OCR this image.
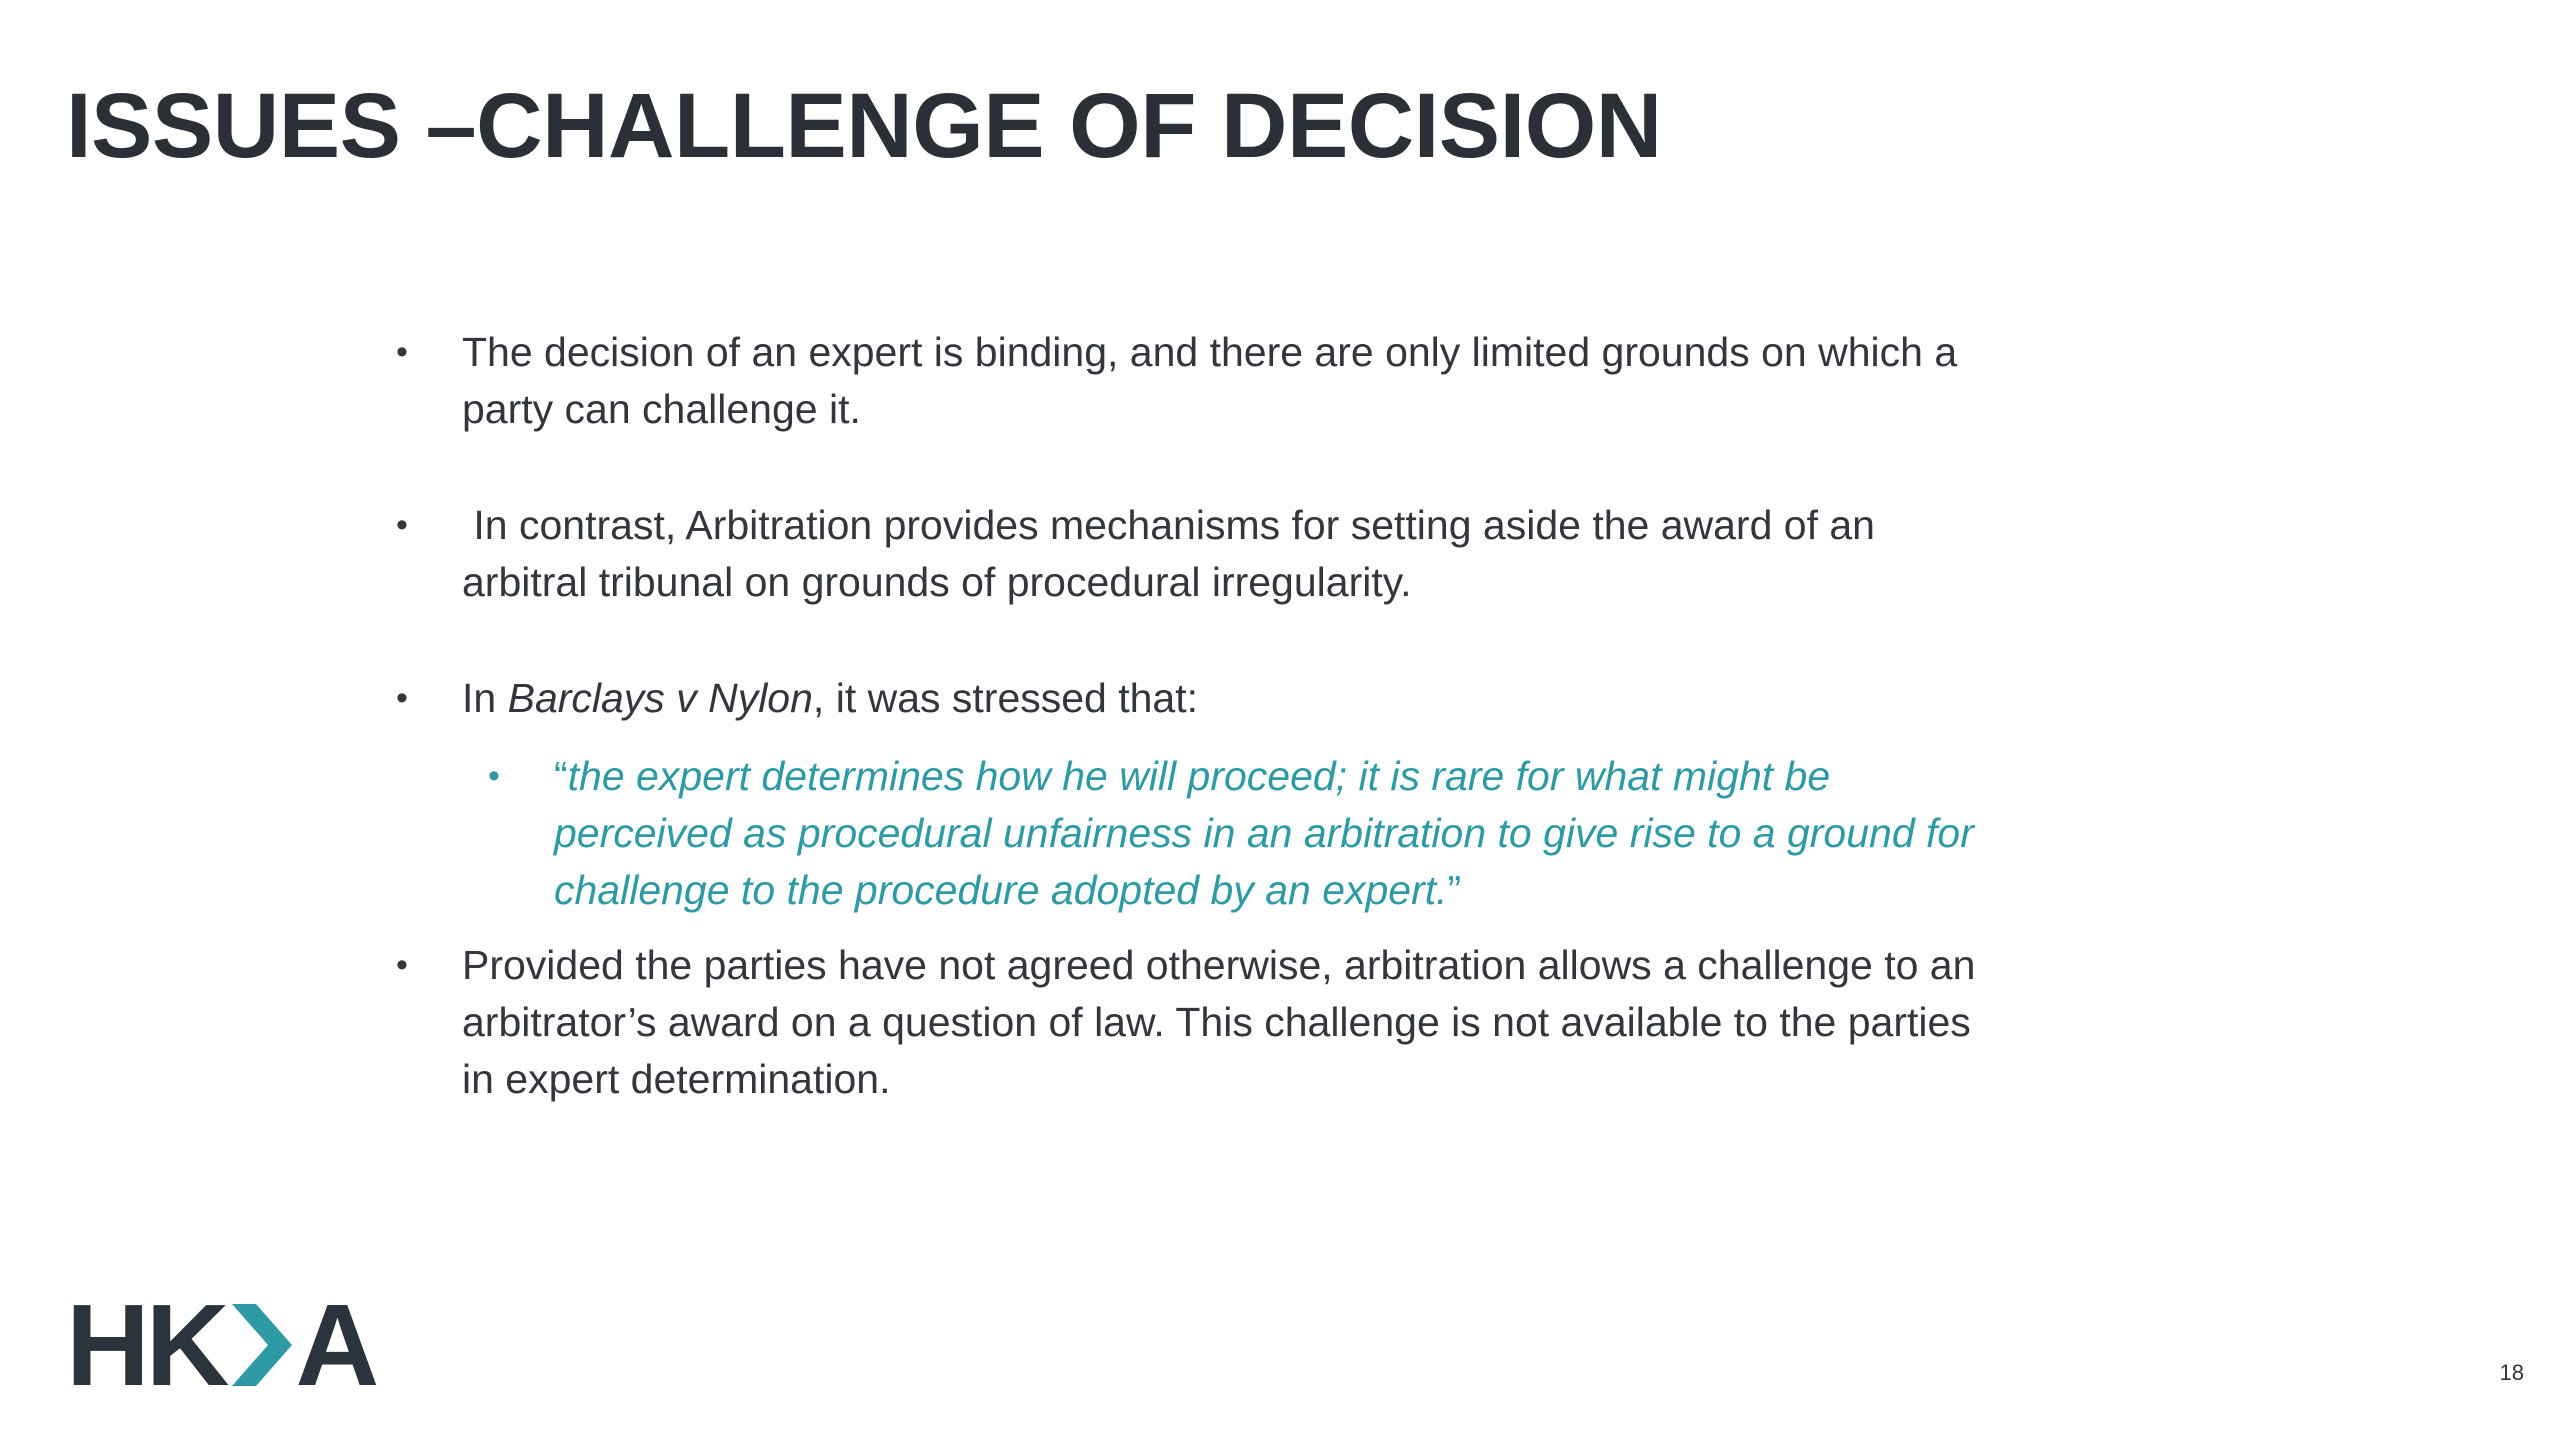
ISSUES –CHALLENGE OF DECISION
• The decision of an expert is binding, and there are only limited grounds on which a party can challenge it.
• In contrast, Arbitration provides mechanisms for setting aside the award of an arbitral tribunal on grounds of procedural irregularity.
• In Barclays v Nylon, it was stressed that:
• “the expert determines how he will proceed; it is rare for what might be perceived as procedural unfairness in an arbitration to give rise to a ground for challenge to the procedure adopted by an expert.”
• Provided the parties have not agreed otherwise, arbitration allows a challenge to an arbitrator’s award on a question of law. This challenge is not available to the parties in expert determination.
HK A	18
